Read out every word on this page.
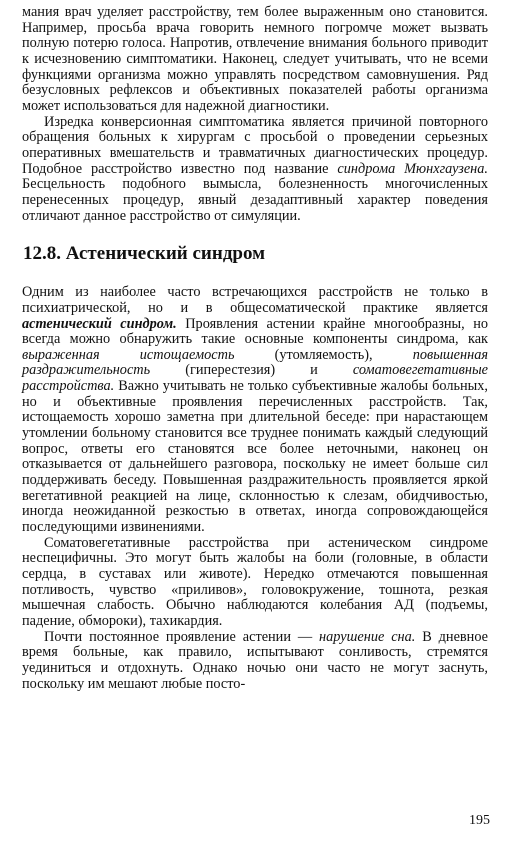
мания врач уделяет расстройству, тем более выраженным оно становится. Например, просьба врача говорить немного погромче может вызвать полную потерю голоса. Напротив, отвлечение внимания больного приводит к исчезновению симптоматики. Наконец, следует учитывать, что не всеми функциями организма можно управлять посредством самовнушения. Ряд безусловных рефлексов и объективных показателей работы организма может использоваться для надежной диагностики.

Изредка конверсионная симптоматика является причиной повторного обращения больных к хирургам с просьбой о проведении серьезных оперативных вмешательств и травматичных диагностических процедур. Подобное расстройство известно под название синдрома Мюнхгаузена. Бесцельность подобного вымысла, болезненность многочисленных перенесенных процедур, явный дезадаптивный характер поведения отличают данное расстройство от симуляции.

12.8. Астенический синдром

Одним из наиболее часто встречающихся расстройств не только в психиатрической, но и в общесоматической практике является астенический синдром. Проявления астении крайне многообразны, но всегда можно обнаружить такие основные компоненты синдрома, как выраженная истощаемость (утомляемость), повышенная раздражительность (гиперестезия) и соматовегетативные расстройства. Важно учитывать не только субъективные жалобы больных, но и объективные проявления перечисленных расстройств. Так, истощаемость хорошо заметна при длительной беседе: при нарастающем утомлении больному становится все труднее понимать каждый следующий вопрос, ответы его становятся все более неточными, наконец он отказывается от дальнейшего разговора, поскольку не имеет больше сил поддерживать беседу. Повышенная раздражительность проявляется яркой вегетативной реакцией на лице, склонностью к слезам, обидчивостью, иногда неожиданной резкостью в ответах, иногда сопровождающейся последующими извинениями.

Соматовегетативные расстройства при астеническом синдроме неспецифичны. Это могут быть жалобы на боли (головные, в области сердца, в суставах или животе). Нередко отмечаются повышенная потливость, чувство «приливов», головокружение, тошнота, резкая мышечная слабость. Обычно наблюдаются колебания АД (подъемы, падение, обмороки), тахикардия.

Почти постоянное проявление астении — нарушение сна. В дневное время больные, как правило, испытывают сонливость, стремятся уединиться и отдохнуть. Однако ночью они часто не могут заснуть, поскольку им мешают любые посто-

195
